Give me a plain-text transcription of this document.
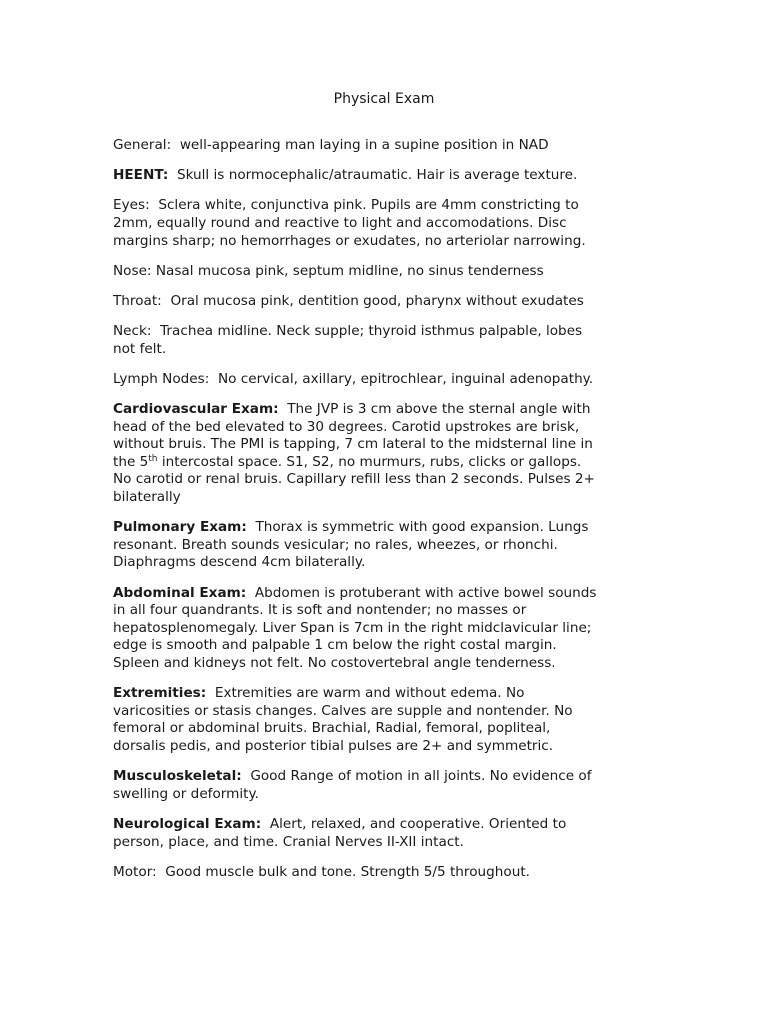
Physical Exam
General: well-appearing man laying in a supine position in NAD
HEENT: Skull is normocephalic/atraumatic. Hair is average texture.
Eyes: Sclera white, conjunctiva pink. Pupils are 4mm constricting to
2mm, equally round and reactive to light and accomodations. Disc
margins sharp; no hemorrhages or exudates, no arteriolar narrowing.
Nose: Nasal mucosa pink, septum midline, no sinus tenderness
Throat: Oral mucosa pink, dentition good, pharynx without exudates
Neck: Trachea midline. Neck supple; thyroid isthmus palpable, lobes
not felt.
Lymph Nodes: No cervical, axillary, epitrochlear, inguinal adenopathy.
Cardiovascular Exam: The JVP is 3 cm above the sternal angle with
head of the bed elevated to 30 degrees. Carotid upstrokes are brisk,
without bruis. The PMI is tapping, 7 cm lateral to the midsternal line in
the 5th intercostal space. S1, S2, no murmurs, rubs, clicks or gallops.
No carotid or renal bruis. Capillary refill less than 2 seconds. Pulses 2+
bilaterally
Pulmonary Exam: Thorax is symmetric with good expansion. Lungs
resonant. Breath sounds vesicular; no rales, wheezes, or rhonchi.
Diaphragms descend 4cm bilaterally.
Abdominal Exam: Abdomen is protuberant with active bowel sounds
in all four quandrants. It is soft and nontender; no masses or
hepatosplenomegaly. Liver Span is 7cm in the right midclavicular line;
edge is smooth and palpable 1 cm below the right costal margin.
Spleen and kidneys not felt. No costovertebral angle tenderness.
Extremities: Extremities are warm and without edema. No
varicosities or stasis changes. Calves are supple and nontender. No
femoral or abdominal bruits. Brachial, Radial, femoral, popliteal,
dorsalis pedis, and posterior tibial pulses are 2+ and symmetric.
Musculoskeletal: Good Range of motion in all joints. No evidence of
swelling or deformity.
Neurological Exam: Alert, relaxed, and cooperative. Oriented to
person, place, and time. Cranial Nerves II-XII intact.
Motor: Good muscle bulk and tone. Strength 5/5 throughout.
